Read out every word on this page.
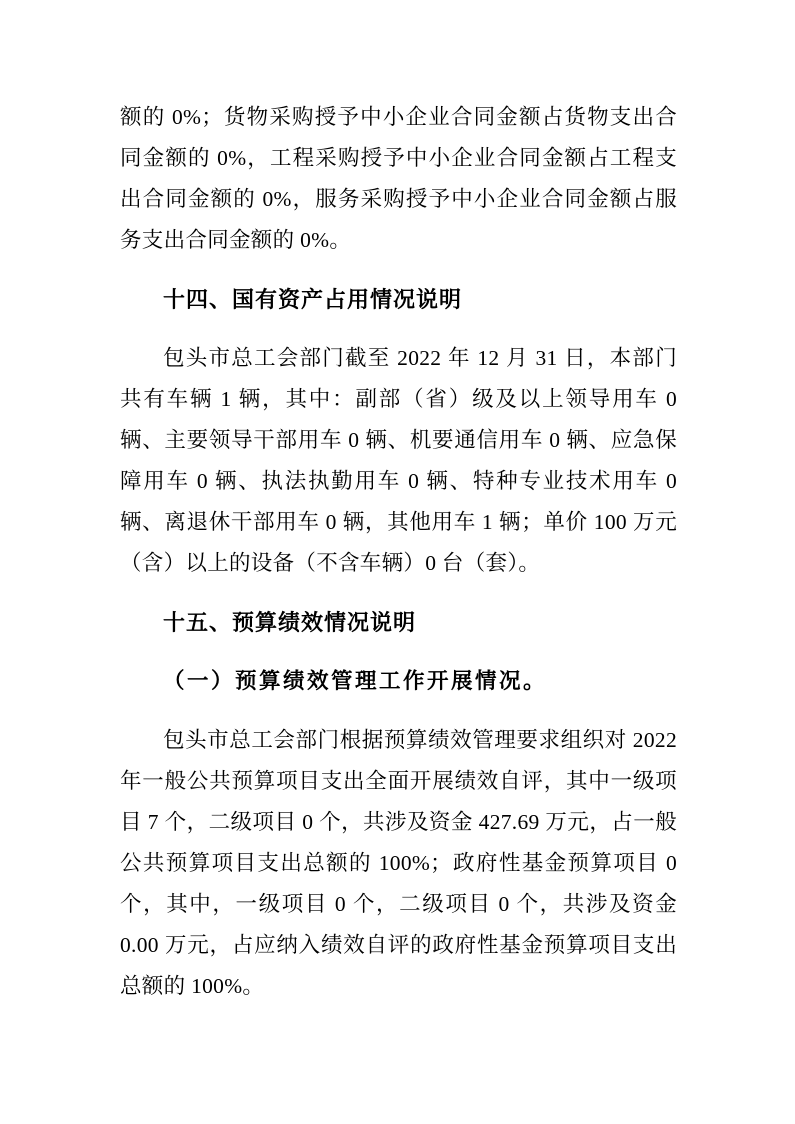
额的 0%；货物采购授予中小企业合同金额占货物支出合同金额的 0%，工程采购授予中小企业合同金额占工程支出合同金额的 0%，服务采购授予中小企业合同金额占服务支出合同金额的 0%。

十四、国有资产占用情况说明

包头市总工会部门截至 2022 年 12 月 31 日，本部门共有车辆 1 辆，其中：副部（省）级及以上领导用车 0 辆、主要领导干部用车 0 辆、机要通信用车 0 辆、应急保障用车 0 辆、执法执勤用车 0 辆、特种专业技术用车 0 辆、离退休干部用车 0 辆，其他用车 1 辆；单价 100 万元（含）以上的设备（不含车辆）0 台（套）。

十五、预算绩效情况说明
（一）预算绩效管理工作开展情况。

包头市总工会部门根据预算绩效管理要求组织对 2022 年一般公共预算项目支出全面开展绩效自评，其中一级项目 7 个，二级项目 0 个，共涉及资金 427.69 万元，占一般公共预算项目支出总额的 100%；政府性基金预算项目 0 个，其中，一级项目 0 个，二级项目 0 个，共涉及资金 0.00 万元，占应纳入绩效自评的政府性基金预算项目支出总额的 100%。
